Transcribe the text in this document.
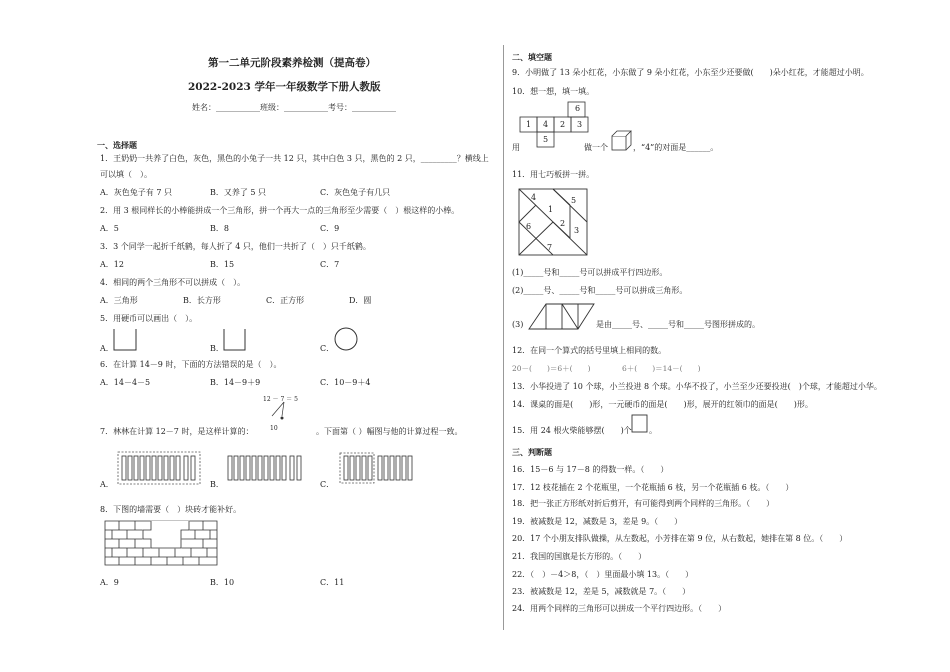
第一二单元阶段素养检测（提高卷）
2022-2023 学年一年级数学下册人教版
姓名：___________班级：___________考号：___________
一、选择题
1．王奶奶一共养了白色，灰色，黑色的小兔子一共 12 只，其中白色 3 只，黑色的 2 只，_________？横线上
可以填（　）。
A．灰色兔子有 7 只	B．又养了 5 只	C．灰色兔子有几只
2．用 3 根同样长的小棒能拼成一个三角形，拼一个再大一点的三角形至少需要（　）根这样的小棒。
A．5	B．8	C．9
3．3 个同学一起折千纸鹤，每人折了 4 只，他们一共折了（　）只千纸鹤。
A．12	B．15	C．7
4．相同的两个三角形不可以拼成（　）。
A．三角形	B．长方形	C．正方形	D．圆
5．用硬币可以画出（　）。
A．	B．	C．
6．在计算 14－9 时，下面的方法错误的是（　）。
A．14－4－5	B．14－9＋9	C．10－9＋4
7．林林在计算 12－7 时，是这样计算的：
12 － 7 ＝ 5
10	。下面第（ ）幅图与他的计算过程一致。
A．	B．	C．
8．下图的墙需要（　）块砖才能补好。
A．9	B．10	C．11
二、填空题
9．小明做了 13 朵小红花，小东做了 9 朵小红花，小东至少还要做(　　)朵小红花，才能超过小明。
10．想一想，填一填。
6
1 4 2 3
5
用	做一个	，“4”的对面是______。
11．用七巧板拼一拼。
4
1
5
2
3
6
7
(1)_____号和_____号可以拼成平行四边形。
(2)_____号、_____号和_____号可以拼成三角形。
(3)	是由_____号、_____号和_____号图形拼成的。
12．在同一个算式的括号里填上相同的数。
20－(　　)＝6＋(　　)	6＋(　　)＝14－(　　)
13．小华投进了 10 个球，小兰投进 8 个球。小华不投了，小兰至少还要投进(　)个球，才能超过小华。
14．课桌的面是(　　)形，一元硬币的面是(　　)形，展开的红领巾的面是(　　)形。
15．用 24 根火柴能够摆(　　)个 。
三、判断题
16．15－6 与 17－8 的得数一样。（　　）
17．12 枝花插在 2 个花瓶里，一个花瓶插 6 枝，另一个花瓶插 6 枝。（　　）
18．把一张正方形纸对折后剪开，有可能得到两个同样的三角形。（　　）
19．被减数是 12，减数是 3，差是 9。（　　）
20．17 个小朋友排队做操，从左数起，小芳排在第 9 位，从右数起，她排在第 8 位。（　　）
21．我国的国旗是长方形的。（　　）
22．（　）－4＞8，（　）里面最小填 13。（　　）
23．被减数是 12，差是 5，减数就是 7。（　　）
24．用两个同样的三角形可以拼成一个平行四边形。（　　）
